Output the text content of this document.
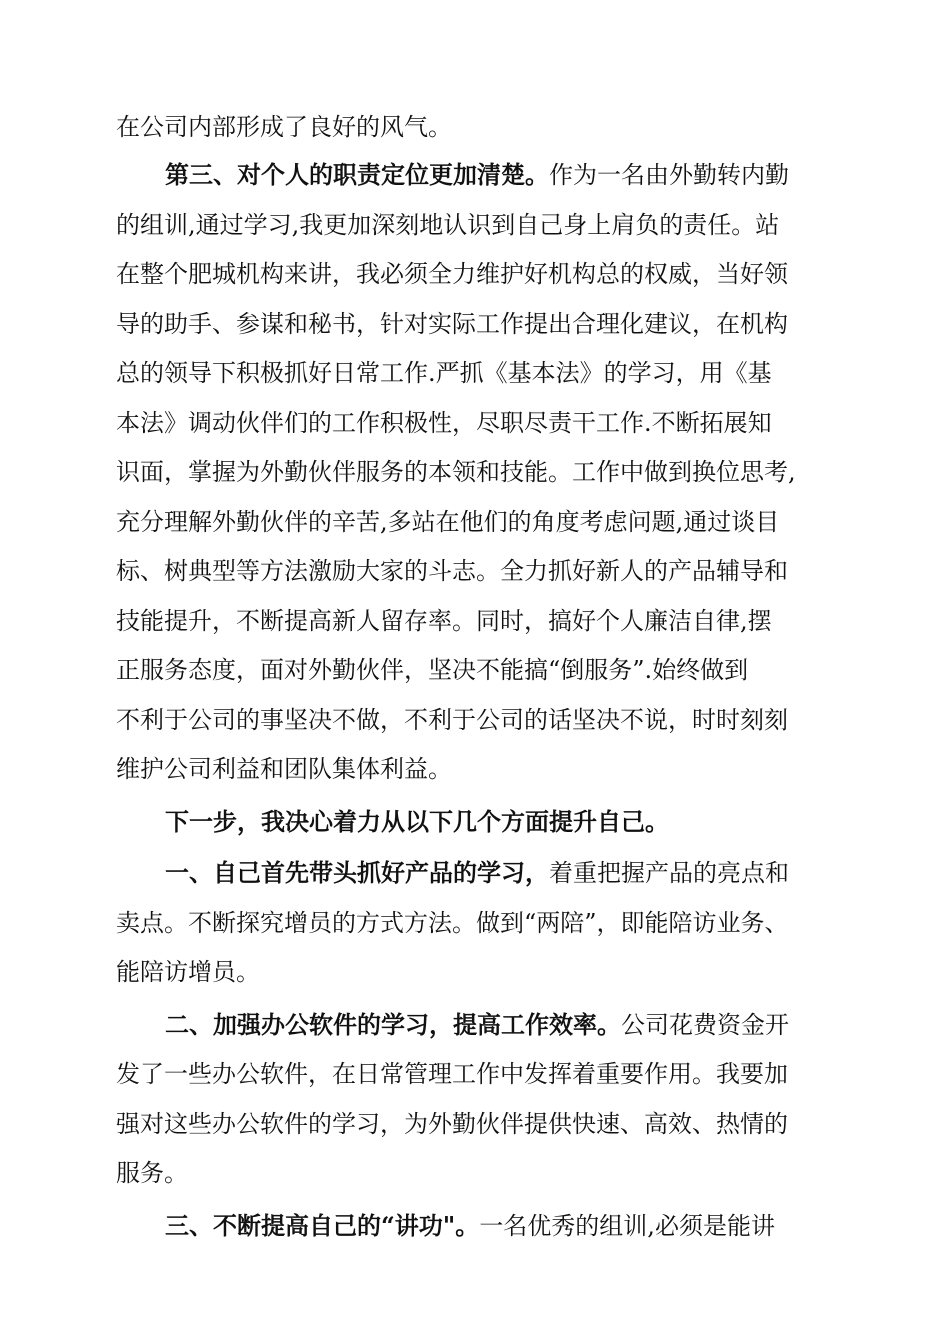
在公司内部形成了良好的风气。
第三、对个人的职责定位更加清楚。作为一名由外勤转内勤
的组训,通过学习,我更加深刻地认识到自己身上肩负的责任。站
在整个肥城机构来讲，我必须全力维护好机构总的权威，当好领
导的助手、参谋和秘书，针对实际工作提出合理化建议，在机构
总的领导下积极抓好日常工作.严抓《基本法》的学习，用《基
本法》调动伙伴们的工作积极性，尽职尽责干工作.不断拓展知
识面，掌握为外勤伙伴服务的本领和技能。工作中做到换位思考,
充分理解外勤伙伴的辛苦,多站在他们的角度考虑问题,通过谈目
标、树典型等方法激励大家的斗志。全力抓好新人的产品辅导和
技能提升，不断提高新人留存率。同时，搞好个人廉洁自律,摆
正服务态度，面对外勤伙伴，坚决不能搞“倒服务”.始终做到
不利于公司的事坚决不做，不利于公司的话坚决不说，时时刻刻
维护公司利益和团队集体利益。
下一步，我决心着力从以下几个方面提升自己。
一、自己首先带头抓好产品的学习，着重把握产品的亮点和
卖点。不断探究增员的方式方法。做到“两陪”，即能陪访业务、
能陪访增员。
二、加强办公软件的学习，提高工作效率。公司花费资金开
发了一些办公软件，在日常管理工作中发挥着重要作用。我要加
强对这些办公软件的学习，为外勤伙伴提供快速、高效、热情的
服务。
三、不断提高自己的“讲功"。一名优秀的组训,必须是能讲
